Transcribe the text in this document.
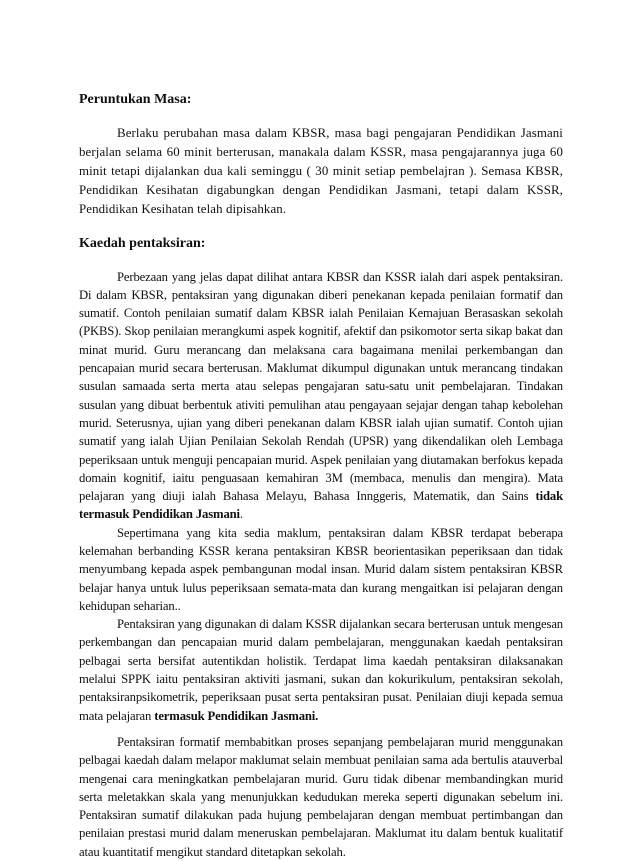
Peruntukan Masa:

Berlaku perubahan masa dalam KBSR, masa bagi pengajaran Pendidikan Jasmani berjalan selama 60 minit berterusan, manakala dalam KSSR, masa pengajarannya juga 60 minit tetapi dijalankan dua kali seminggu ( 30 minit setiap pembelajran ). Semasa KBSR, Pendidikan Kesihatan digabungkan dengan Pendidikan Jasmani, tetapi dalam KSSR, Pendidikan Kesihatan telah dipisahkan.

Kaedah pentaksiran:

Perbezaan yang jelas dapat dilihat antara KBSR dan KSSR ialah dari aspek pentaksiran. Di dalam KBSR, pentaksiran yang digunakan diberi penekanan kepada penilaian formatif dan sumatif. Contoh penilaian sumatif dalam KBSR ialah Penilaian Kemajuan Berasaskan sekolah (PKBS). Skop penilaian merangkumi aspek kognitif, afektif dan psikomotor serta sikap bakat dan minat murid. Guru merancang dan melaksana cara bagaimana menilai perkembangan dan pencapaian murid secara berterusan. Maklumat dikumpul digunakan untuk merancang tindakan susulan samaada serta merta atau selepas pengajaran satu-satu unit pembelajaran. Tindakan susulan yang dibuat berbentuk ativiti pemulihan atau pengayaan sejajar dengan tahap kebolehan murid. Seterusnya, ujian yang diberi penekanan dalam KBSR ialah ujian sumatif. Contoh ujian sumatif yang ialah Ujian Penilaian Sekolah Rendah (UPSR) yang dikendalikan oleh Lembaga peperiksaan untuk menguji pencapaian murid. Aspek penilaian yang diutamakan berfokus kepada domain kognitif, iaitu penguasaan kemahiran 3M (membaca, menulis dan mengira). Mata pelajaran yang diuji ialah Bahasa Melayu, Bahasa Innggeris, Matematik, dan Sains tidak termasuk Pendidikan Jasmani.

Sepertimana yang kita sedia maklum, pentaksiran dalam KBSR terdapat beberapa kelemahan berbanding KSSR kerana pentaksiran KBSR beorientasikan peperiksaan dan tidak menyumbang kepada aspek pembangunan modal insan. Murid dalam sistem pentaksiran KBSR belajar hanya untuk lulus peperiksaan semata-mata dan kurang mengaitkan isi pelajaran dengan kehidupan seharian..

Pentaksiran yang digunakan di dalam KSSR dijalankan secara berterusan untuk mengesan perkembangan dan pencapaian murid dalam pembelajaran, menggunakan kaedah pentaksiran pelbagai serta bersifat autentikdan holistik. Terdapat lima kaedah pentaksiran dilaksanakan melalui SPPK iaitu pentaksiran aktiviti jasmani, sukan dan kokurikulum, pentaksiran sekolah, pentaksiranpsikometrik, peperiksaan pusat serta pentaksiran pusat. Penilaian diuji kepada semua mata pelajaran termasuk Pendidikan Jasmani.

Pentaksiran formatif membabitkan proses sepanjang pembelajaran murid menggunakan pelbagai kaedah dalam melapor maklumat selain membuat penilaian sama ada bertulis atauverbal mengenai cara meningkatkan pembelajaran murid. Guru tidak dibenar membandingkan murid serta meletakkan skala yang menunjukkan kedudukan mereka seperti digunakan sebelum ini. Pentaksiran sumatif dilakukan pada hujung pembelajaran dengan membuat pertimbangan dan penilaian prestasi murid dalam meneruskan pembelajaran. Maklumat itu dalam bentuk kualitatif atau kuantitatif mengikut standard ditetapkan sekolah.
